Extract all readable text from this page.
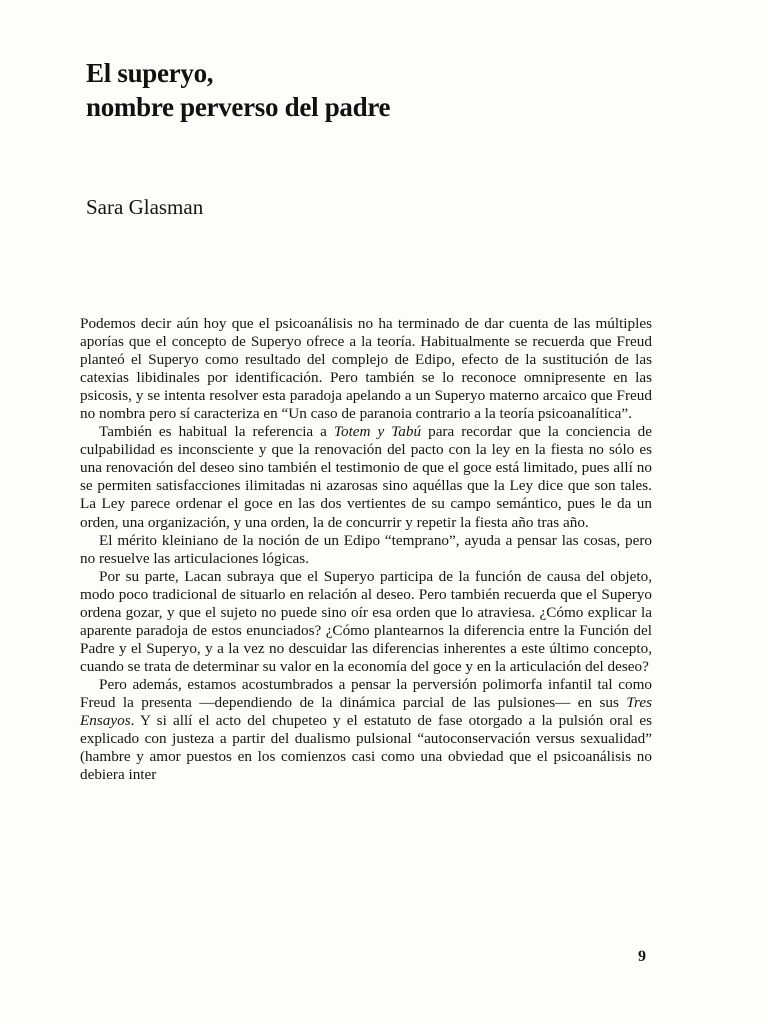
El superyo,
nombre perverso del padre
Sara Glasman

Podemos decir aún hoy que el psicoanálisis no ha terminado de dar cuenta de las múltiples aporías que el concepto de Superyo ofrece a la teoría. Habitualmente se recuerda que Freud planteó el Superyo como resultado del complejo de Edipo, efecto de la sustitución de las catexias libidinales por identificación. Pero también se lo reconoce omnipresente en las psicosis, y se intenta resolver esta paradoja apelando a un Superyo materno arcaico que Freud no nombra pero sí caracteriza en “Un caso de paranoia contrario a la teoría psicoanalítica”.

También es habitual la referencia a Totem y Tabú para recordar que la conciencia de culpabilidad es inconsciente y que la renovación del pacto con la ley en la fiesta no sólo es una renovación del deseo sino también el testimonio de que el goce está limitado, pues allí no se permiten satisfacciones ilimitadas ni azarosas sino aquéllas que la Ley dice que son tales. La Ley parece ordenar el goce en las dos vertientes de su campo semántico, pues le da un orden, una organización, y una orden, la de concurrir y repetir la fiesta año tras año.

El mérito kleiniano de la noción de un Edipo “temprano”, ayuda a pensar las cosas, pero no resuelve las articulaciones lógicas.

Por su parte, Lacan subraya que el Superyo participa de la función de causa del objeto, modo poco tradicional de situarlo en relación al deseo. Pero también recuerda que el Superyo ordena gozar, y que el sujeto no puede sino oír esa orden que lo atraviesa. ¿Cómo explicar la aparente paradoja de estos enunciados? ¿Cómo plantearnos la diferencia entre la Función del Padre y el Superyo, y a la vez no descuidar las diferencias inherentes a este último concepto, cuando se trata de determinar su valor en la economía del goce y en la articulación del deseo?

Pero además, estamos acostumbrados a pensar la perversión polimorfa infantil tal como Freud la presenta —dependiendo de la dinámica parcial de las pulsiones— en sus Tres Ensayos. Y si allí el acto del chupeteo y el estatuto de fase otorgado a la pulsión oral es explicado con justeza a partir del dualismo pulsional “autoconservación versus sexualidad” (hambre y amor puestos en los comienzos casi como una obviedad que el psicoanálisis no debiera inter

9
